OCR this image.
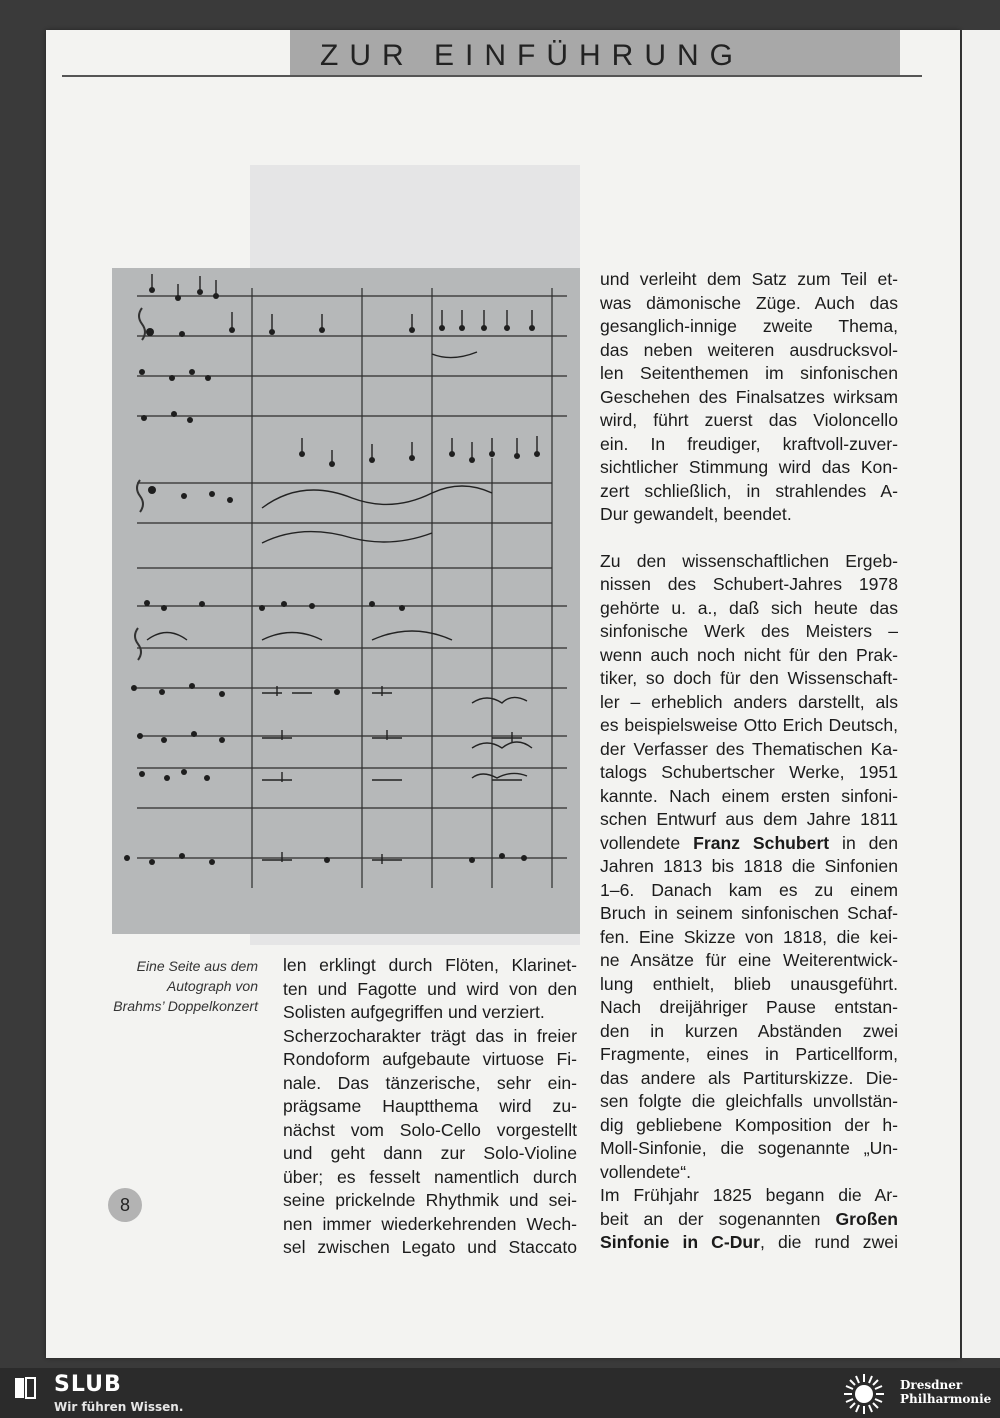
ZUR EINFÜHRUNG
Eine Seite aus dem
Autograph von
Brahms’ Doppelkonzert
len erklingt durch Flöten, Klarinet-
ten und Fagotte und wird von den
Solisten aufgegriffen und verziert.
Scherzocharakter trägt das in freier
Rondoform aufgebaute virtuose Fi-
nale. Das tänzerische, sehr ein-
prägsame Hauptthema wird zu-
nächst vom Solo-Cello vorgestellt
und geht dann zur Solo-Violine
über; es fesselt namentlich durch
seine prickelnde Rhythmik und sei-
nen immer wiederkehrenden Wech-
sel zwischen Legato und Staccato
und verleiht dem Satz zum Teil et-
was dämonische Züge. Auch das
gesanglich-innige zweite Thema,
das neben weiteren ausdrucksvol-
len Seitenthemen im sinfonischen
Geschehen des Finalsatzes wirksam
wird, führt zuerst das Violoncello
ein. In freudiger, kraftvoll-zuver-
sichtlicher Stimmung wird das Kon-
zert schließlich, in strahlendes A-
Dur gewandelt, beendet.
Zu den wissenschaftlichen Ergeb-
nissen des Schubert-Jahres 1978
gehörte u. a., daß sich heute das
sinfonische Werk des Meisters –
wenn auch noch nicht für den Prak-
tiker, so doch für den Wissenschaft-
ler – erheblich anders darstellt, als
es beispielsweise Otto Erich Deutsch,
der Verfasser des Thematischen Ka-
talogs Schubertscher Werke, 1951
kannte. Nach einem ersten sinfoni-
schen Entwurf aus dem Jahre 1811
vollendete Franz Schubert in den
Jahren 1813 bis 1818 die Sinfonien
1–6. Danach kam es zu einem
Bruch in seinem sinfonischen Schaf-
fen. Eine Skizze von 1818, die kei-
ne Ansätze für eine Weiterentwick-
lung enthielt, blieb unausgeführt.
Nach dreijähriger Pause entstan-
den in kurzen Abständen zwei
Fragmente, eines in Particellform,
das andere als Partiturskizze. Die-
sen folgte die gleichfalls unvollstän-
dig gebliebene Komposition der h-
Moll-Sinfonie, die sogenannte „Un-
vollendete“.
Im Frühjahr 1825 begann die Ar-
beit an der sogenannten Großen
Sinfonie in C-Dur, die rund zwei
8
SLUB
Wir führen Wissen.
Dresdner
Philharmonie
